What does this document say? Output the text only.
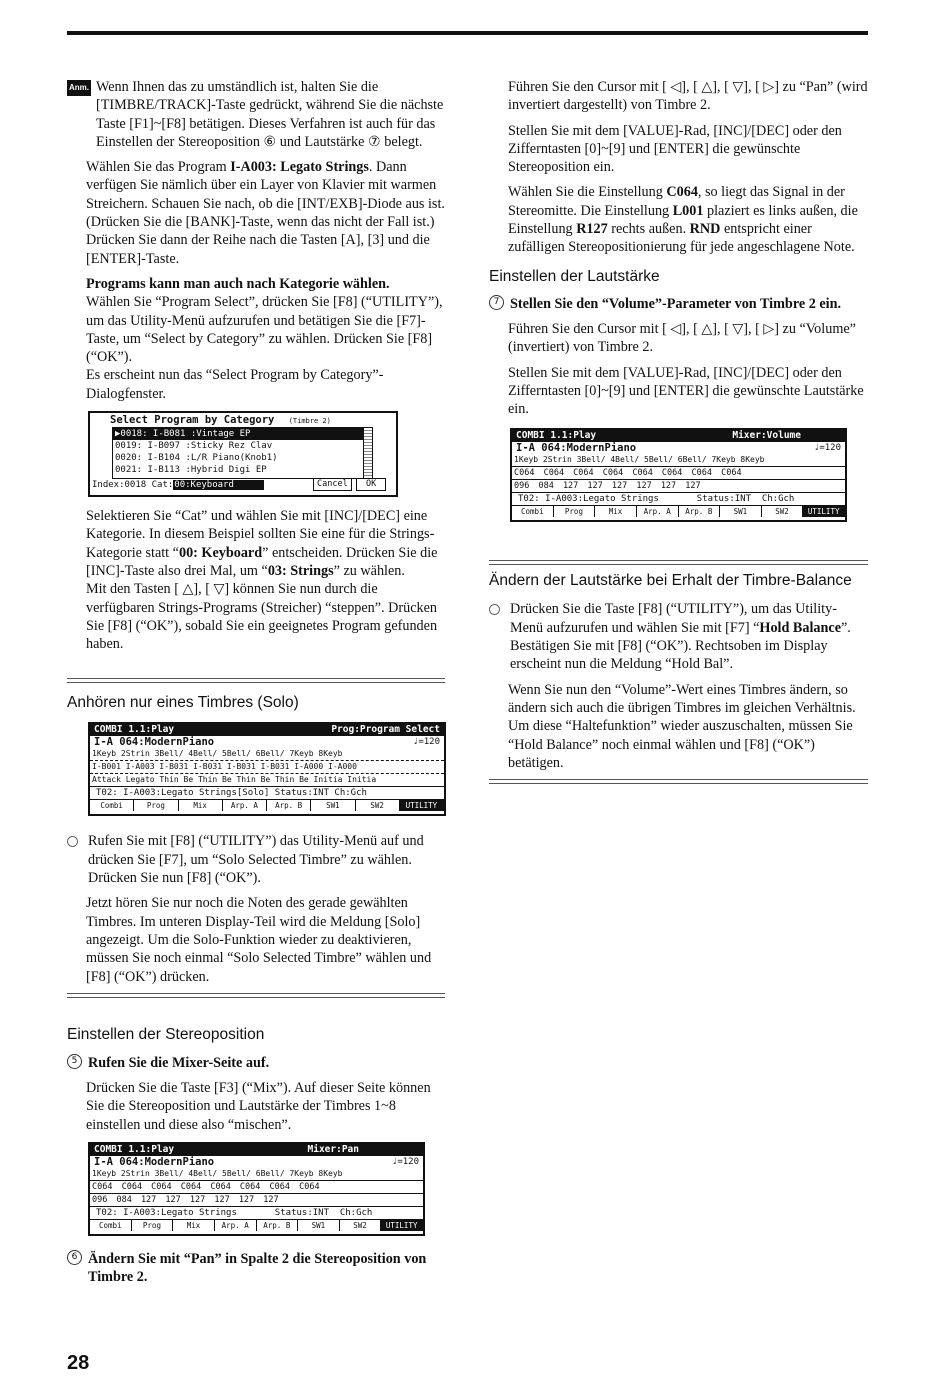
Anm. Wenn Ihnen das zu umständlich ist, halten Sie die [TIMBRE/TRACK]-Taste gedrückt, während Sie die nächste Taste [F1]~[F8] betätigen. Dieses Verfahren ist auch für das Einstellen der Stereoposition ⑥ und Lautstärke ⑦ belegt.

Wählen Sie das Program I-A003: Legato Strings. Dann verfügen Sie nämlich über ein Layer von Klavier mit warmen Streichern. Schauen Sie nach, ob die [INT/EXB]-Diode aus ist. (Drücken Sie die [BANK]-Taste, wenn das nicht der Fall ist.) Drücken Sie dann der Reihe nach die Tasten [A], [3] und die [ENTER]-Taste.

Programs kann man auch nach Kategorie wählen.
Wählen Sie “Program Select”, drücken Sie [F8] (“UTILITY”), um das Utility-Menü aufzurufen und betätigen Sie die [F7]-Taste, um “Select by Category” zu wählen. Drücken Sie [F8] (“OK”).
Es erscheint nun das “Select Program by Category”-Dialogfenster.

Select Program by Category (Timbre 2)
▶0018: I-B081 :Vintage EP
0019: I-B097 :Sticky Rez Clav
0020: I-B104 :L/R Piano(Knob1)
0021: I-B113 :Hybrid Digi EP
Index:0018 Cat:00:Keyboard	Cancel	OK

Selektieren Sie “Cat” und wählen Sie mit [INC]/[DEC] eine Kategorie. In diesem Beispiel sollten Sie eine für die Strings-Kategorie statt “00: Keyboard” entscheiden. Drücken Sie die [INC]-Taste also drei Mal, um “03: Strings” zu wählen.
Mit den Tasten [ △], [ ▽] können Sie nun durch die verfügbaren Strings-Programs (Streicher) “steppen”. Drücken Sie [F8] (“OK”), sobald Sie ein geeignetes Program gefunden haben.

Anhören nur eines Timbres (Solo)
COMBI 1.1:Play	Prog:Program Select
I-A 064:ModernPiano	♩=120
1Keyb 2Strin 3Bell/ 4Bell/ 5Bell/ 6Bell/ 7Keyb 8Keyb
I-B001 I-A003 I-B031 I-B031 I-B031 I-B031 I-A000 I-A000
Attack Legato Thin Be Thin Be Thin Be Thin Be Initia Initia
T02: I-A003:Legato Strings[Solo] Status:INT Ch:Gch
Combi	Prog	Mix	Arp. A	Arp. B	SW1	SW2	UTILITY

Rufen Sie mit [F8] (“UTILITY”) das Utility-Menü auf und drücken Sie [F7], um “Solo Selected Timbre” zu wählen. Drücken Sie nun [F8] (“OK”).

Jetzt hören Sie nur noch die Noten des gerade gewählten Timbres. Im unteren Display-Teil wird die Meldung [Solo] angezeigt. Um die Solo-Funktion wieder zu deaktivieren, müssen Sie noch einmal “Solo Selected Timbre” wählen und [F8] (“OK”) drücken.

Einstellen der Stereoposition

5 Rufen Sie die Mixer-Seite auf.

Drücken Sie die Taste [F3] (“Mix”). Auf dieser Seite können Sie die Stereoposition und Lautstärke der Timbres 1~8 einstellen und diese also “mischen”.

COMBI 1.1:Play	Mixer:Pan
I-A 064:ModernPiano	♩=120
1Keyb 2Strin 3Bell/ 4Bell/ 5Bell/ 6Bell/ 7Keyb 8Keyb
C064 C064 C064 C064 C064 C064 C064 C064
096 084 127 127 127 127 127 127
T02: I-A003:Legato Strings       Status:INT  Ch:Gch
Combi	Prog	Mix	Arp. A	Arp. B	SW1	SW2	UTILITY

6 Ändern Sie mit “Pan” in Spalte 2 die Stereoposition von Timbre 2.

Führen Sie den Cursor mit [ ◁], [ △], [ ▽], [ ▷] zu “Pan” (wird invertiert dargestellt) von Timbre 2.

Stellen Sie mit dem [VALUE]-Rad, [INC]/[DEC] oder den Zifferntasten [0]~[9] und [ENTER] die gewünschte Stereoposition ein.

Wählen Sie die Einstellung C064, so liegt das Signal in der Stereomitte. Die Einstellung L001 plaziert es links außen, die Einstellung R127 rechts außen. RND entspricht einer zufälligen Stereopositionierung für jede angeschlagene Note.

Einstellen der Lautstärke

7 Stellen Sie den “Volume”-Parameter von Timbre 2 ein.

Führen Sie den Cursor mit [ ◁], [ △], [ ▽], [ ▷] zu “Volume” (invertiert) von Timbre 2.

Stellen Sie mit dem [VALUE]-Rad, [INC]/[DEC] oder den Zifferntasten [0]~[9] und [ENTER] die gewünschte Lautstärke ein.

COMBI 1.1:Play	Mixer:Volume
I-A 064:ModernPiano	♩=120
1Keyb 2Strin 3Bell/ 4Bell/ 5Bell/ 6Bell/ 7Keyb 8Keyb
C064 C064 C064 C064 C064 C064 C064 C064
096 084 127 127 127 127 127 127
T02: I-A003:Legato Strings       Status:INT  Ch:Gch
Combi	Prog	Mix	Arp. A	Arp. B	SW1	SW2	UTILITY
Ändern der Lautstärke bei Erhalt der Timbre-Balance

Drücken Sie die Taste [F8] (“UTILITY”), um das Utility-Menü aufzurufen und wählen Sie mit [F7] “Hold Balance”. Bestätigen Sie mit [F8] (“OK”). Rechtsoben im Display erscheint nun die Meldung “Hold Bal”.

Wenn Sie nun den “Volume”-Wert eines Timbres ändern, so ändern sich auch die übrigen Timbres im gleichen Verhältnis.

Um diese “Haltefunktion” wieder auszuschalten, müssen Sie “Hold Balance” noch einmal wählen und [F8] (“OK”) betätigen.

28
